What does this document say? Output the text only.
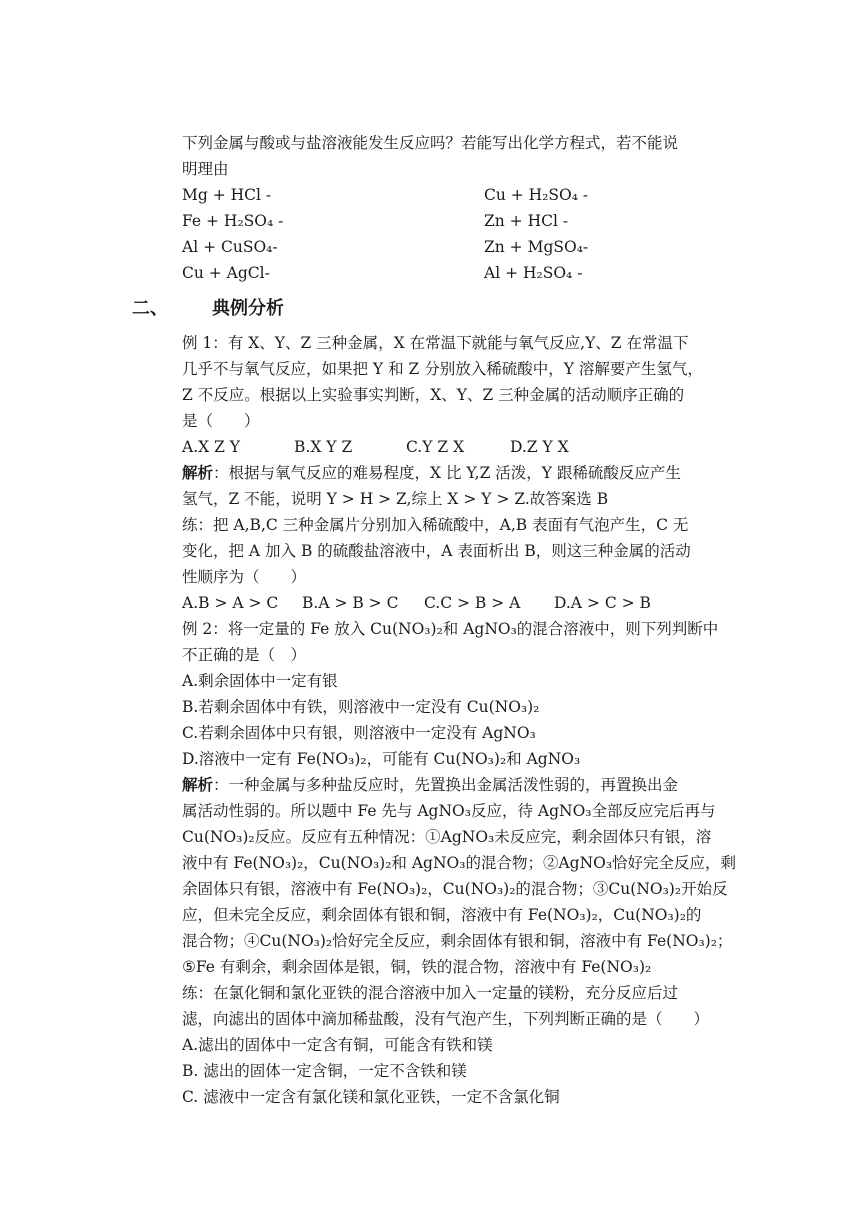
下列金属与酸或与盐溶液能发生反应吗？若能写出化学方程式，若不能说
明理由
Mg + HCl -	Cu + H₂SO₄ -
Fe + H₂SO₄ -	Zn + HCl -
Al + CuSO₄-	Zn + MgSO₄-
Cu + AgCl-	Al + H₂SO₄ -
二、 典例分析
例 1：有 X、Y、Z 三种金属，X 在常温下就能与氧气反应,Y、Z 在常温下
几乎不与氧气反应，如果把 Y 和 Z 分别放入稀硫酸中，Y 溶解要产生氢气，
Z 不反应。根据以上实验事实判断，X、Y、Z 三种金属的活动顺序正确的
是（　　）
A.X Z Y	B.X Y Z	C.Y Z X	D.Z Y X
解析：根据与氧气反应的难易程度，X 比 Y,Z 活泼，Y 跟稀硫酸反应产生
氢气，Z 不能，说明 Y > H > Z,综上 X > Y > Z.故答案选 B
练：把 A,B,C 三种金属片分别加入稀硫酸中，A,B 表面有气泡产生，C 无
变化，把 A 加入 B 的硫酸盐溶液中，A 表面析出 B，则这三种金属的活动
性顺序为（　　）
A.B > A > C B.A > B > C C.C > B > A D.A > C > B
例 2：将一定量的 Fe 放入 Cu(NO₃)₂和 AgNO₃的混合溶液中，则下列判断中
不正确的是（　）
A.剩余固体中一定有银
B.若剩余固体中有铁，则溶液中一定没有 Cu(NO₃)₂
C.若剩余固体中只有银，则溶液中一定没有 AgNO₃
D.溶液中一定有 Fe(NO₃)₂，可能有 Cu(NO₃)₂和 AgNO₃
解析：一种金属与多种盐反应时，先置换出金属活泼性弱的，再置换出金
属活动性弱的。所以题中 Fe 先与 AgNO₃反应，待 AgNO₃全部反应完后再与
Cu(NO₃)₂反应。反应有五种情况：①AgNO₃未反应完，剩余固体只有银，溶
液中有 Fe(NO₃)₂，Cu(NO₃)₂和 AgNO₃的混合物；②AgNO₃恰好完全反应，剩
余固体只有银，溶液中有 Fe(NO₃)₂，Cu(NO₃)₂的混合物；③Cu(NO₃)₂开始反
应，但未完全反应，剩余固体有银和铜，溶液中有 Fe(NO₃)₂，Cu(NO₃)₂的
混合物；④Cu(NO₃)₂恰好完全反应，剩余固体有银和铜，溶液中有 Fe(NO₃)₂；
⑤Fe 有剩余，剩余固体是银，铜，铁的混合物，溶液中有 Fe(NO₃)₂
练：在氯化铜和氯化亚铁的混合溶液中加入一定量的镁粉，充分反应后过
滤，向滤出的固体中滴加稀盐酸，没有气泡产生，下列判断正确的是（　　）
A.滤出的固体中一定含有铜，可能含有铁和镁
B. 滤出的固体一定含铜，一定不含铁和镁
C. 滤液中一定含有氯化镁和氯化亚铁，一定不含氯化铜
